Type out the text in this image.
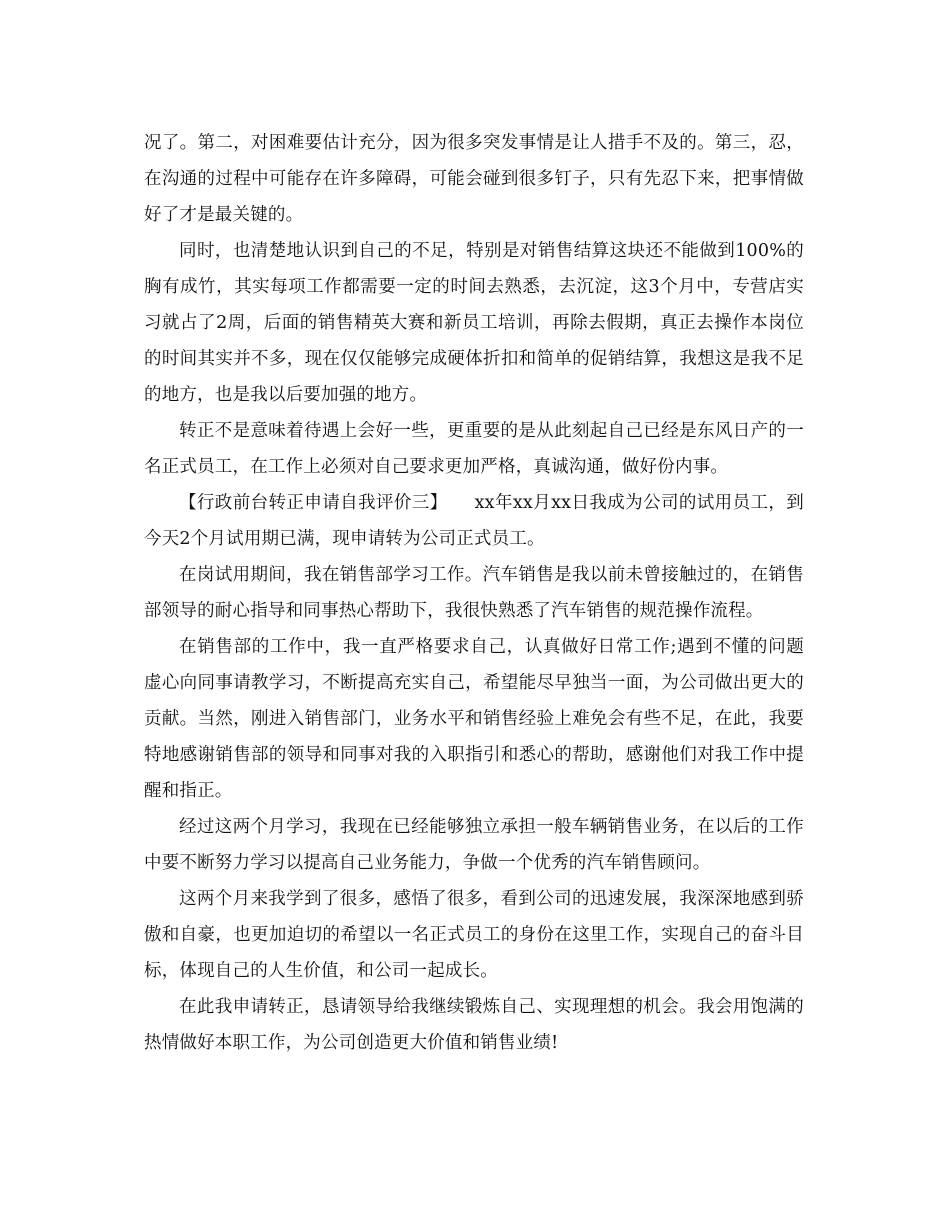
况了。第二，对困难要估计充分，因为很多突发事情是让人措手不及的。第三，忍，在沟通的过程中可能存在许多障碍，可能会碰到很多钉子，只有先忍下来，把事情做好了才是最关键的。

同时，也清楚地认识到自己的不足，特别是对销售结算这块还不能做到100%的胸有成竹，其实每项工作都需要一定的时间去熟悉，去沉淀，这3个月中，专营店实习就占了2周，后面的销售精英大赛和新员工培训，再除去假期，真正去操作本岗位的时间其实并不多，现在仅仅能够完成硬体折扣和简单的促销结算，我想这是我不足的地方，也是我以后要加强的地方。

转正不是意味着待遇上会好一些，更重要的是从此刻起自己已经是东风日产的一名正式员工，在工作上必须对自己要求更加严格，真诚沟通，做好份内事。

【行政前台转正申请自我评价三】　　xx年xx月xx日我成为公司的试用员工，到今天2个月试用期已满，现申请转为公司正式员工。

在岗试用期间，我在销售部学习工作。汽车销售是我以前未曾接触过的，在销售部领导的耐心指导和同事热心帮助下，我很快熟悉了汽车销售的规范操作流程。

在销售部的工作中，我一直严格要求自己，认真做好日常工作;遇到不懂的问题虚心向同事请教学习，不断提高充实自己，希望能尽早独当一面，为公司做出更大的贡献。当然，刚进入销售部门，业务水平和销售经验上难免会有些不足，在此，我要特地感谢销售部的领导和同事对我的入职指引和悉心的帮助，感谢他们对我工作中提醒和指正。

经过这两个月学习，我现在已经能够独立承担一般车辆销售业务，在以后的工作中要不断努力学习以提高自己业务能力，争做一个优秀的汽车销售顾问。

这两个月来我学到了很多，感悟了很多，看到公司的迅速发展，我深深地感到骄傲和自豪，也更加迫切的希望以一名正式员工的身份在这里工作，实现自己的奋斗目标，体现自己的人生价值，和公司一起成长。

在此我申请转正，恳请领导给我继续锻炼自己、实现理想的机会。我会用饱满的热情做好本职工作，为公司创造更大价值和销售业绩!
